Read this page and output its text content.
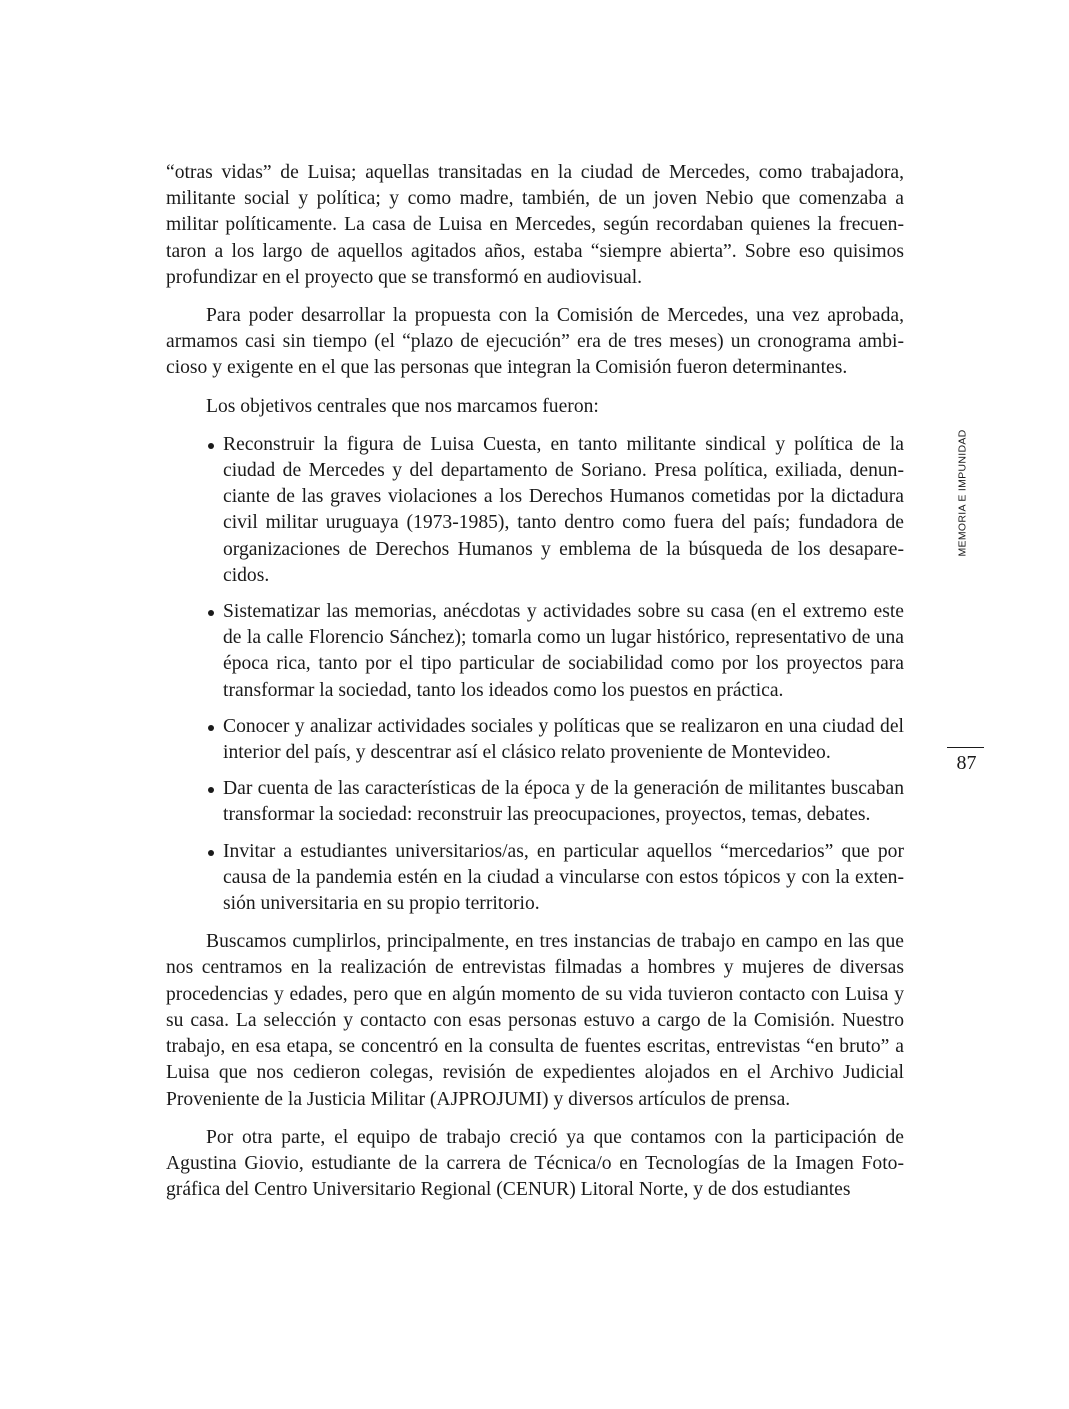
“otras vidas” de Luisa; aquellas transitadas en la ciudad de Mercedes, como trabajadora, militante social y política; y como madre, también, de un joven Nebio que comenzaba a militar políticamente. La casa de Luisa en Mercedes, según recordaban quienes la frecuentaron a los largo de aquellos agitados años, estaba “siempre abierta”. Sobre eso quisimos profundizar en el proyecto que se transformó en audiovisual.

Para poder desarrollar la propuesta con la Comisión de Mercedes, una vez aprobada, armamos casi sin tiempo (el “plazo de ejecución” era de tres meses) un cronograma ambicioso y exigente en el que las personas que integran la Comisión fueron determinantes.

Los objetivos centrales que nos marcamos fueron:

Reconstruir la figura de Luisa Cuesta, en tanto militante sindical y política de la ciudad de Mercedes y del departamento de Soriano. Presa política, exiliada, denunciante de las graves violaciones a los Derechos Humanos cometidas por la dictadura civil militar uruguaya (1973-1985), tanto dentro como fuera del país; fundadora de organizaciones de Derechos Humanos y emblema de la búsqueda de los desaparecidos.
Sistematizar las memorias, anécdotas y actividades sobre su casa (en el extremo este de la calle Florencio Sánchez); tomarla como un lugar histórico, representativo de una época rica, tanto por el tipo particular de sociabilidad como por los proyectos para transformar la sociedad, tanto los ideados como los puestos en práctica.
Conocer y analizar actividades sociales y políticas que se realizaron en una ciudad del interior del país, y descentrar así el clásico relato proveniente de Montevideo.
Dar cuenta de las características de la época y de la generación de militantes buscaban transformar la sociedad: reconstruir las preocupaciones, proyectos, temas, debates.
Invitar a estudiantes universitarios/as, en particular aquellos “mercedarios” que por causa de la pandemia estén en la ciudad a vincularse con estos tópicos y con la extensión universitaria en su propio territorio.

Buscamos cumplirlos, principalmente, en tres instancias de trabajo en campo en las que nos centramos en la realización de entrevistas filmadas a hombres y mujeres de diversas procedencias y edades, pero que en algún momento de su vida tuvieron contacto con Luisa y su casa. La selección y contacto con esas personas estuvo a cargo de la Comisión. Nuestro trabajo, en esa etapa, se concentró en la consulta de fuentes escritas, entrevistas “en bruto” a Luisa que nos cedieron colegas, revisión de expedientes alojados en el Archivo Judicial Proveniente de la Justicia Militar (AJPROJUMI) y diversos artículos de prensa.

Por otra parte, el equipo de trabajo creció ya que contamos con la participación de Agustina Giovio, estudiante de la carrera de Técnica/o en Tecnologías de la Imagen Fotográfica del Centro Universitario Regional (CENUR) Litoral Norte, y de dos estudiantes

MEMORIA E IMPUNIDAD
87
